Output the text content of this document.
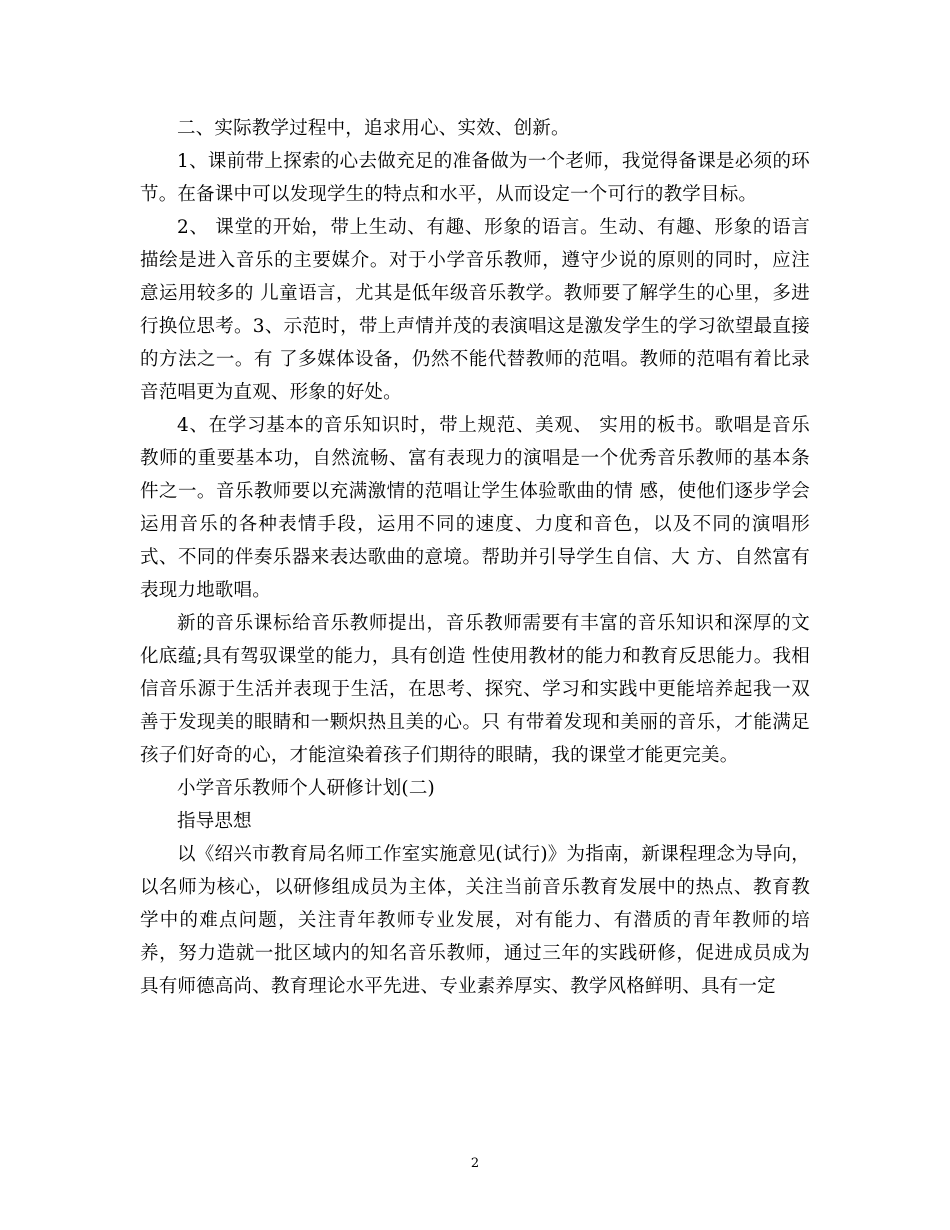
二、实际教学过程中，追求用心、实效、创新。

1、课前带上探索的心去做充足的准备做为一个老师，我觉得备课是必须的环节。在备课中可以发现学生的特点和水平，从而设定一个可行的教学目标。

2、 课堂的开始，带上生动、有趣、形象的语言。生动、有趣、形象的语言描绘是进入音乐的主要媒介。对于小学音乐教师，遵守少说的原则的同时，应注意运用较多的 儿童语言，尤其是低年级音乐教学。教师要了解学生的心里，多进行换位思考。3、示范时，带上声情并茂的表演唱这是激发学生的学习欲望最直接的方法之一。有 了多媒体设备，仍然不能代替教师的范唱。教师的范唱有着比录音范唱更为直观、形象的好处。

4、在学习基本的音乐知识时，带上规范、美观、 实用的板书。歌唱是音乐教师的重要基本功，自然流畅、富有表现力的演唱是一个优秀音乐教师的基本条件之一。音乐教师要以充满激情的范唱让学生体验歌曲的情 感，使他们逐步学会运用音乐的各种表情手段，运用不同的速度、力度和音色，以及不同的演唱形式、不同的伴奏乐器来表达歌曲的意境。帮助并引导学生自信、大 方、自然富有表现力地歌唱。

新的音乐课标给音乐教师提出，音乐教师需要有丰富的音乐知识和深厚的文化底蕴;具有驾驭课堂的能力，具有创造 性使用教材的能力和教育反思能力。我相信音乐源于生活并表现于生活，在思考、探究、学习和实践中更能培养起我一双善于发现美的眼睛和一颗炽热且美的心。只 有带着发现和美丽的音乐，才能满足孩子们好奇的心，才能渲染着孩子们期待的眼睛，我的课堂才能更完美。

小学音乐教师个人研修计划(二)

指导思想

以《绍兴市教育局名师工作室实施意见(试行)》为指南，新课程理念为导向，以名师为核心，以研修组成员为主体，关注当前音乐教育发展中的热点、教育教学中的难点问题，关注青年教师专业发展，对有能力、有潜质的青年教师的培养，努力造就一批区域内的知名音乐教师，通过三年的实践研修，促进成员成为具有师德高尚、教育理论水平先进、专业素养厚实、教学风格鲜明、具有一定

2
